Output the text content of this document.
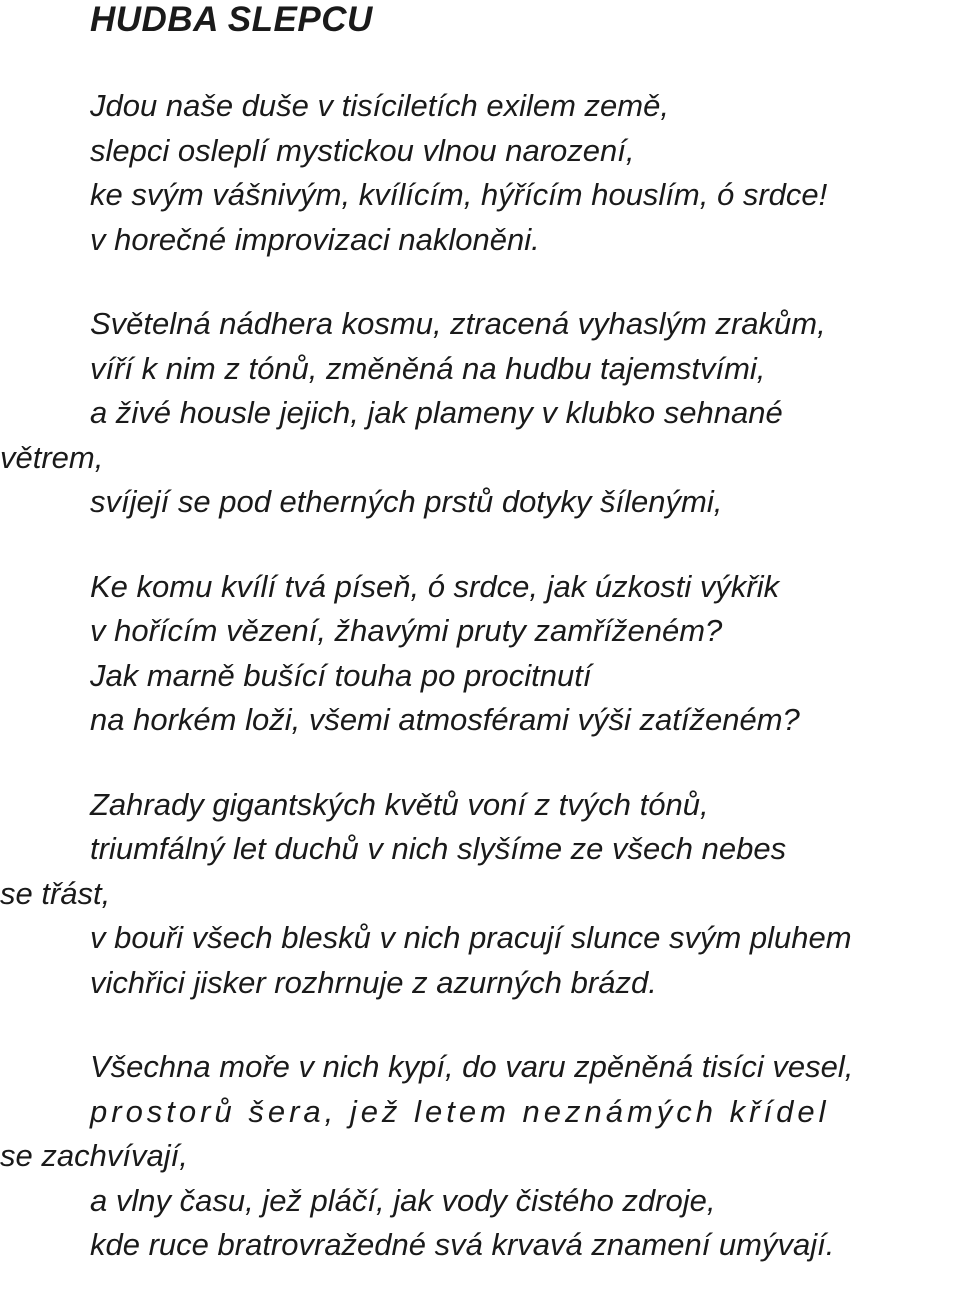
HUDBA SLEPCU
Jdou naše duše v tisíciletích exilem země,
slepci osleplí mystickou vlnou narození,
ke svým vášnivým, kvílícím, hýřícím houslím, ó srdce!
v horečné improvizaci nakloněni.
Světelná nádhera kosmu, ztracená vyhaslým zrakům,
víří k nim z tónů, změněná na hudbu tajemstvími,
a živé housle jejich, jak plameny v klubko sehnané
větrem,
svíjejí se pod etherných prstů dotyky šílenými,
Ke komu kvílí tvá píseň, ó srdce, jak úzkosti výkřik
v hořícím vězení, žhavými pruty zamříženém?
Jak marně bušící touha po procitnutí
na horkém loži, všemi atmosférami výši zatíženém?
Zahrady gigantských květů voní z tvých tónů,
triumfálný let duchů v nich slyšíme ze všech nebes
se třást,
v bouři všech blesků v nich pracují slunce svým pluhem
vichřici jisker rozhrnuje z azurných brázd.
Všechna moře v nich kypí, do varu zpěněná tisíci vesel,
prostorů šera, jež letem neznámých křídel
se zachvívají,
a vlny času, jež pláčí, jak vody čistého zdroje,
kde ruce bratrovražedné svá krvavá znamení umývají.
